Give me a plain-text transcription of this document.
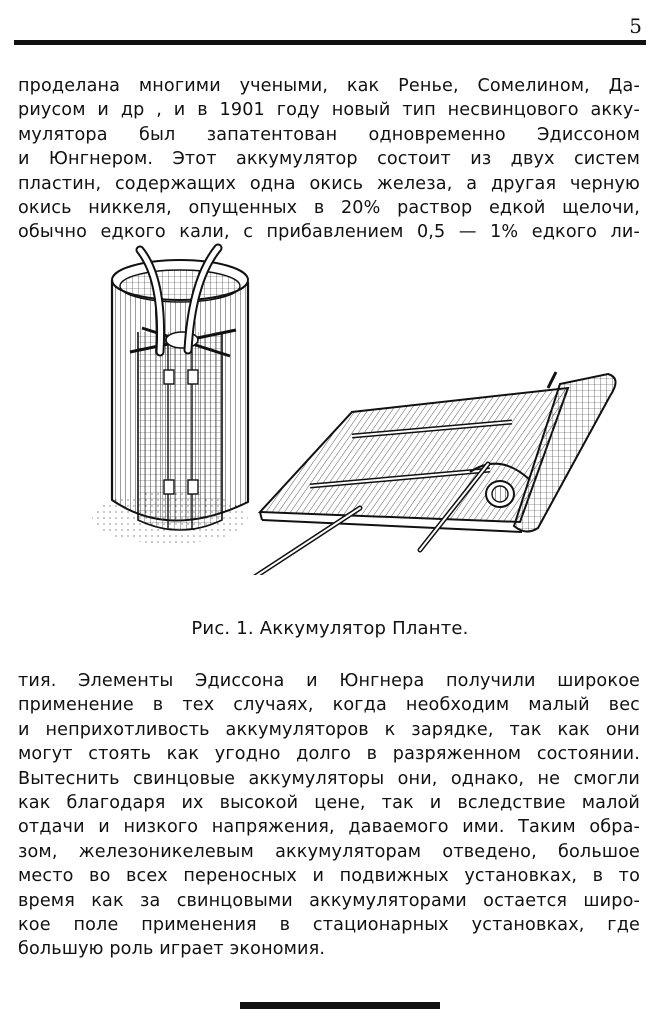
5

проделана многими учеными, как Ренье, Сомелином, Да-
риусом и др , и в 1901 году новый тип несвинцового акку-
мулятора был запатентован одновременно Эдиссоном
и Юнгнером. Этот аккумулятор состоит из двух систем
пластин, содержащих одна окись железа, а другая черную
окись никкеля, опущенных в 20% раствор едкой щелочи,
обычно едкого кали, с прибавлением 0,5 — 1% едкого ли-

Рис. 1. Аккумулятор Планте.

тия. Элементы Эдиссона и Юнгнера получили широкое
применение в тех случаях, когда необходим малый вес
и неприхотливость аккумуляторов к зарядке, так как они
могут стоять как угодно долго в разряженном состоянии.
Вытеснить свинцовые аккумуляторы они, однако, не смогли
как благодаря их высокой цене, так и вследствие малой
отдачи и низкого напряжения, даваемого ими. Таким обра-
зом, железоникелевым аккумуляторам отведено, большое
место во всех переносных и подвижных установках, в то
время как за свинцовыми аккумуляторами остается широ-
кое поле применения в стационарных установках, где
большую роль играет экономия.
